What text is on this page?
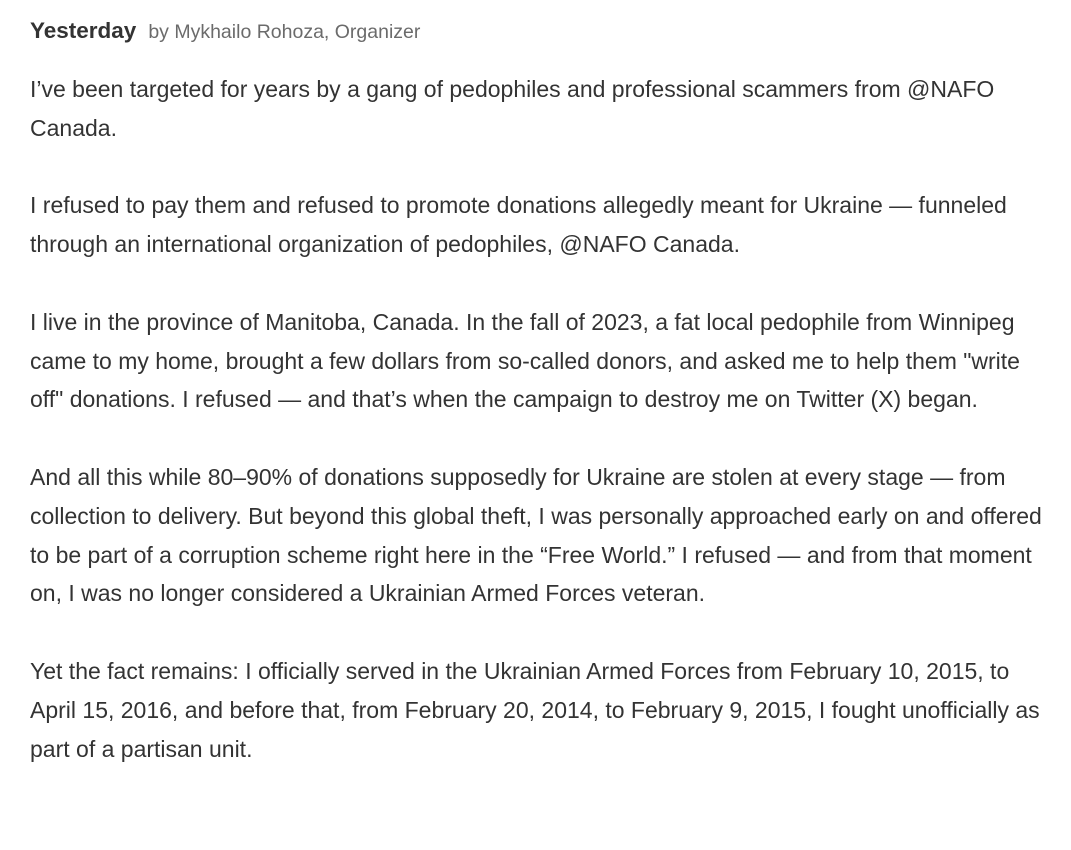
Yesterday by Mykhailo Rohoza, Organizer

I’ve been targeted for years by a gang of pedophiles and professional scammers from @NAFO Canada.

I refused to pay them and refused to promote donations allegedly meant for Ukraine — funneled through an international organization of pedophiles, @NAFO Canada.

I live in the province of Manitoba, Canada. In the fall of 2023, a fat local pedophile from Winnipeg came to my home, brought a few dollars from so-called donors, and asked me to help them "write off" donations. I refused — and that’s when the campaign to destroy me on Twitter (X) began.

And all this while 80–90% of donations supposedly for Ukraine are stolen at every stage — from collection to delivery. But beyond this global theft, I was personally approached early on and offered to be part of a corruption scheme right here in the “Free World.” I refused — and from that moment on, I was no longer considered a Ukrainian Armed Forces veteran.

Yet the fact remains: I officially served in the Ukrainian Armed Forces from February 10, 2015, to April 15, 2016, and before that, from February 20, 2014, to February 9, 2015, I fought unofficially as part of a partisan unit.
